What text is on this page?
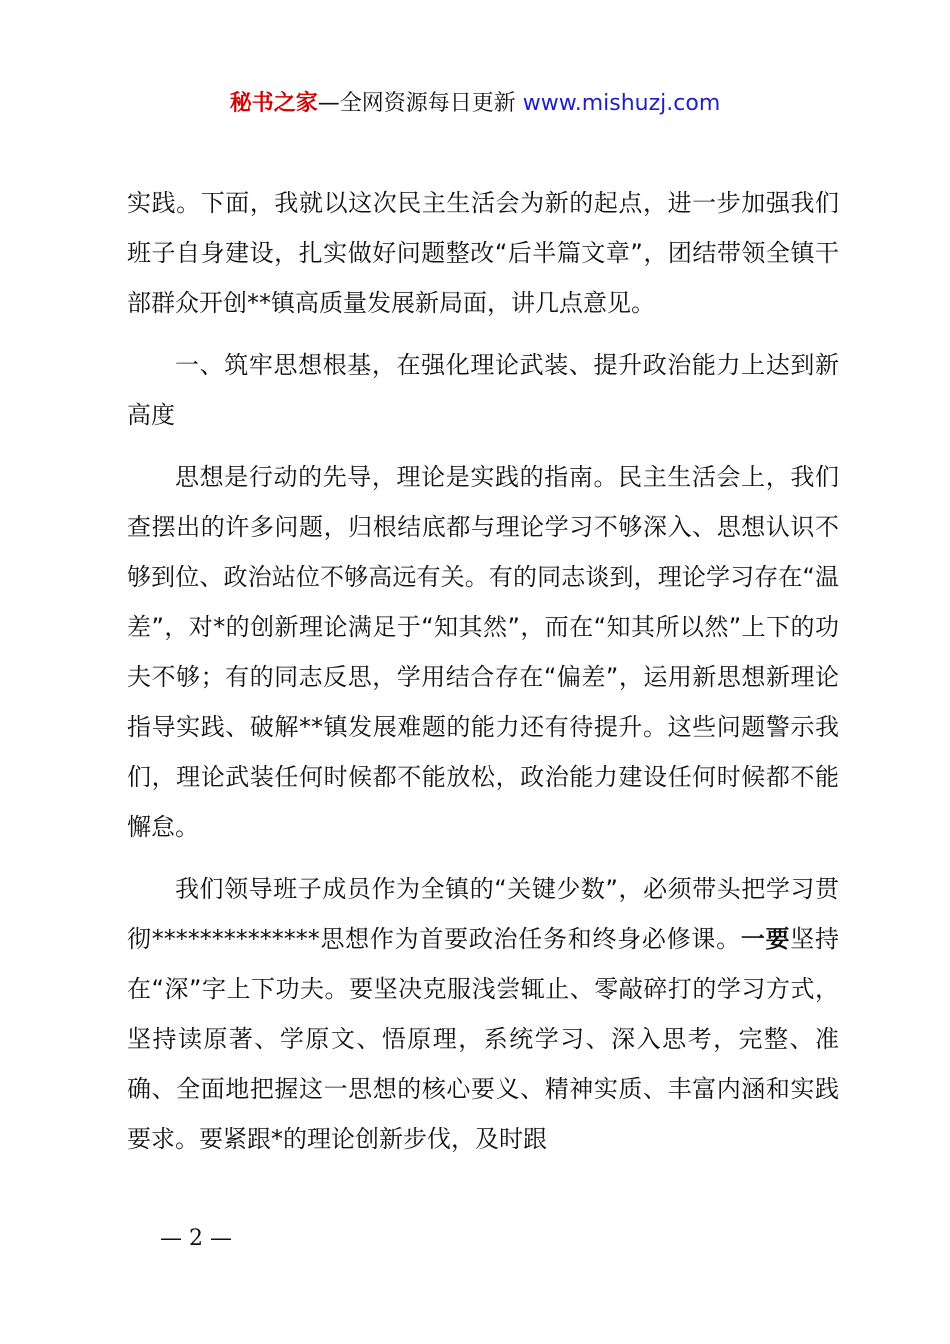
秘书之家—全网资源每日更新 www.mishuzj.com

实践。下面，我就以这次民主生活会为新的起点，进一步加强我们班子自身建设，扎实做好问题整改“后半篇文章”，团结带领全镇干部群众开创**镇高质量发展新局面，讲几点意见。

一、筑牢思想根基，在强化理论武装、提升政治能力上达到新高度

思想是行动的先导，理论是实践的指南。民主生活会上，我们查摆出的许多问题，归根结底都与理论学习不够深入、思想认识不够到位、政治站位不够高远有关。有的同志谈到，理论学习存在“温差”，对*的创新理论满足于“知其然”，而在“知其所以然”上下的功夫不够；有的同志反思，学用结合存在“偏差”，运用新思想新理论指导实践、破解**镇发展难题的能力还有待提升。这些问题警示我们，理论武装任何时候都不能放松，政治能力建设任何时候都不能懈怠。

我们领导班子成员作为全镇的“关键少数”，必须带头把学习贯彻**************思想作为首要政治任务和终身必修课。一要坚持在“深”字上下功夫。要坚决克服浅尝辄止、零敲碎打的学习方式，坚持读原著、学原文、悟原理，系统学习、深入思考，完整、准确、全面地把握这一思想的核心要义、精神实质、丰富内涵和实践要求。要紧跟*的理论创新步伐，及时跟

— 2 —
